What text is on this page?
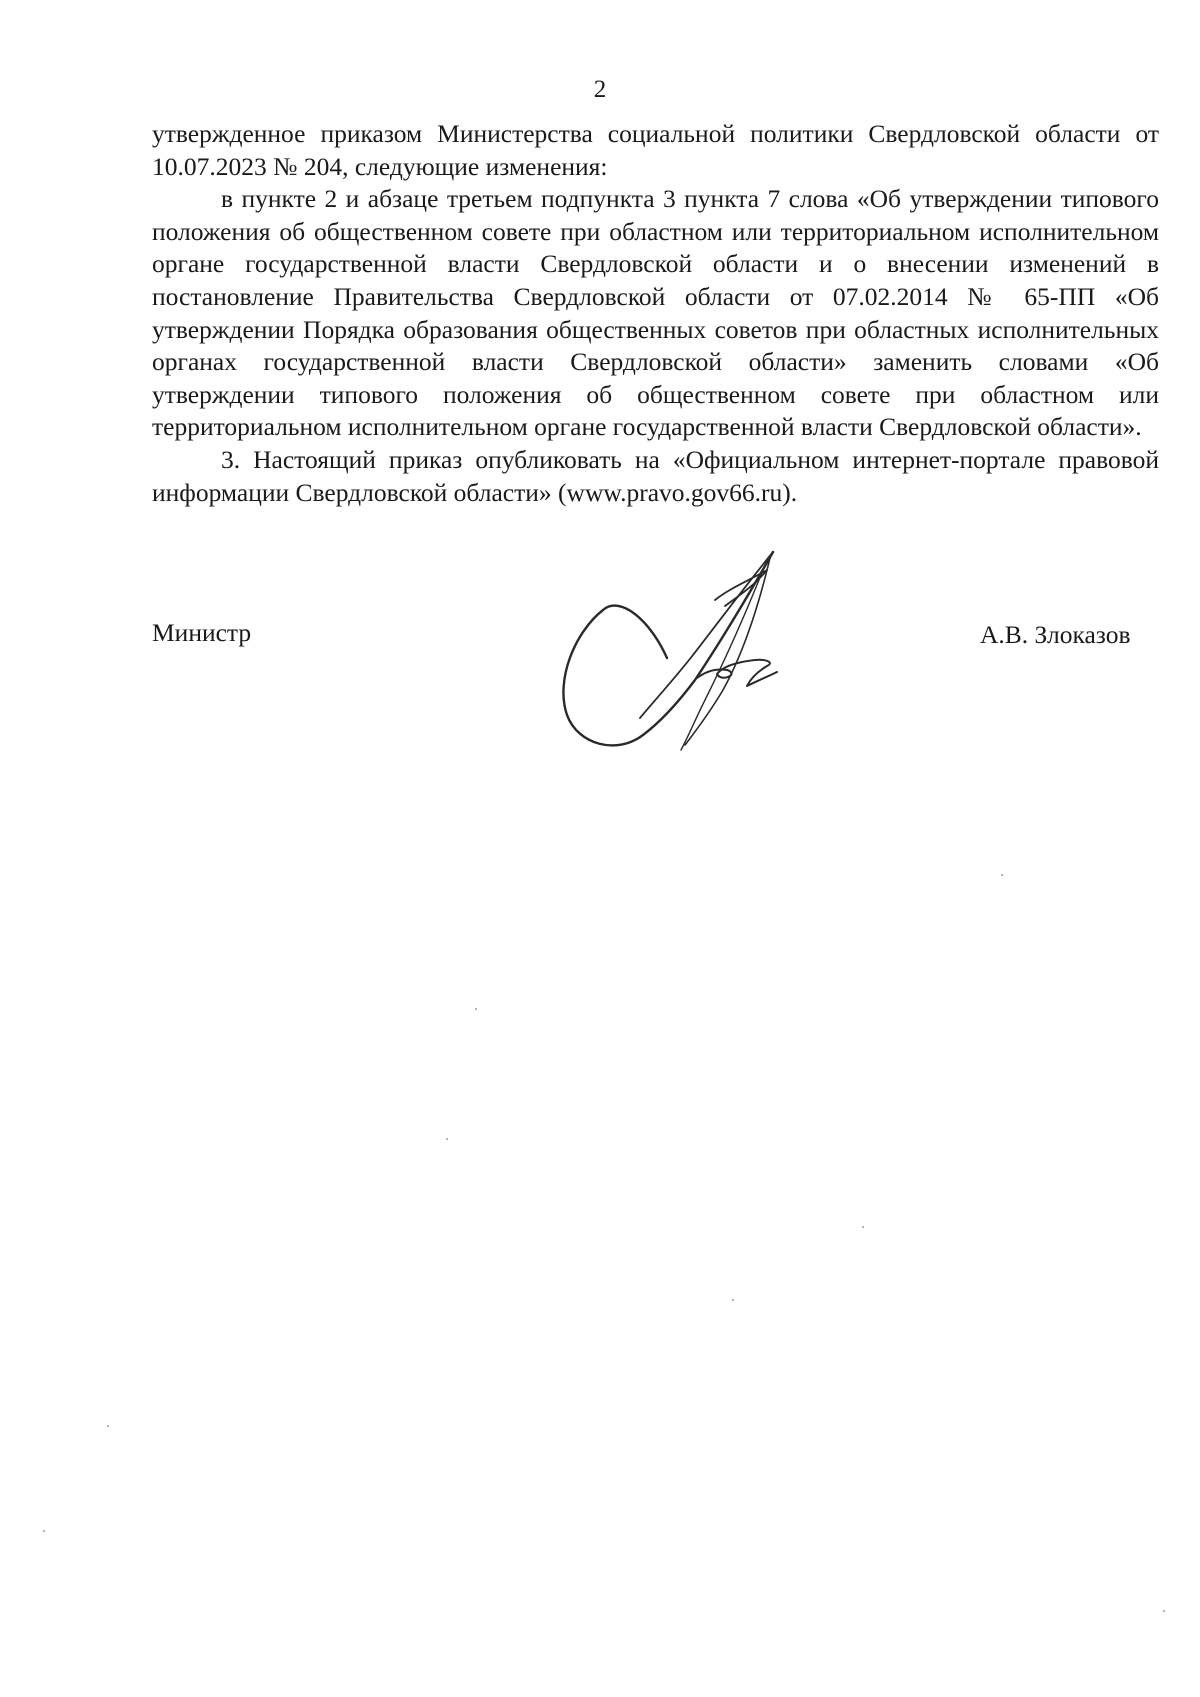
2

утвержденное приказом Министерства социальной политики Свердловской области от 10.07.2023 № 204, следующие изменения:

в пункте 2 и абзаце третьем подпункта 3 пункта 7 слова «Об утверждении типового положения об общественном совете при областном или территориальном исполнительном органе государственной власти Свердловской области и о внесении изменений в постановление Правительства Свердловской области от 07.02.2014 № 65-ПП «Об утверждении Порядка образования общественных советов при областных исполнительных органах государственной власти Свердловской области» заменить словами «Об утверждении типового положения об общественном совете при областном или территориальном исполнительном органе государственной власти Свердловской области».

3. Настоящий приказ опубликовать на «Официальном интернет-портале правовой информации Свердловской области» (www.pravo.gov66.ru).

Министр	А.В. Злоказов
